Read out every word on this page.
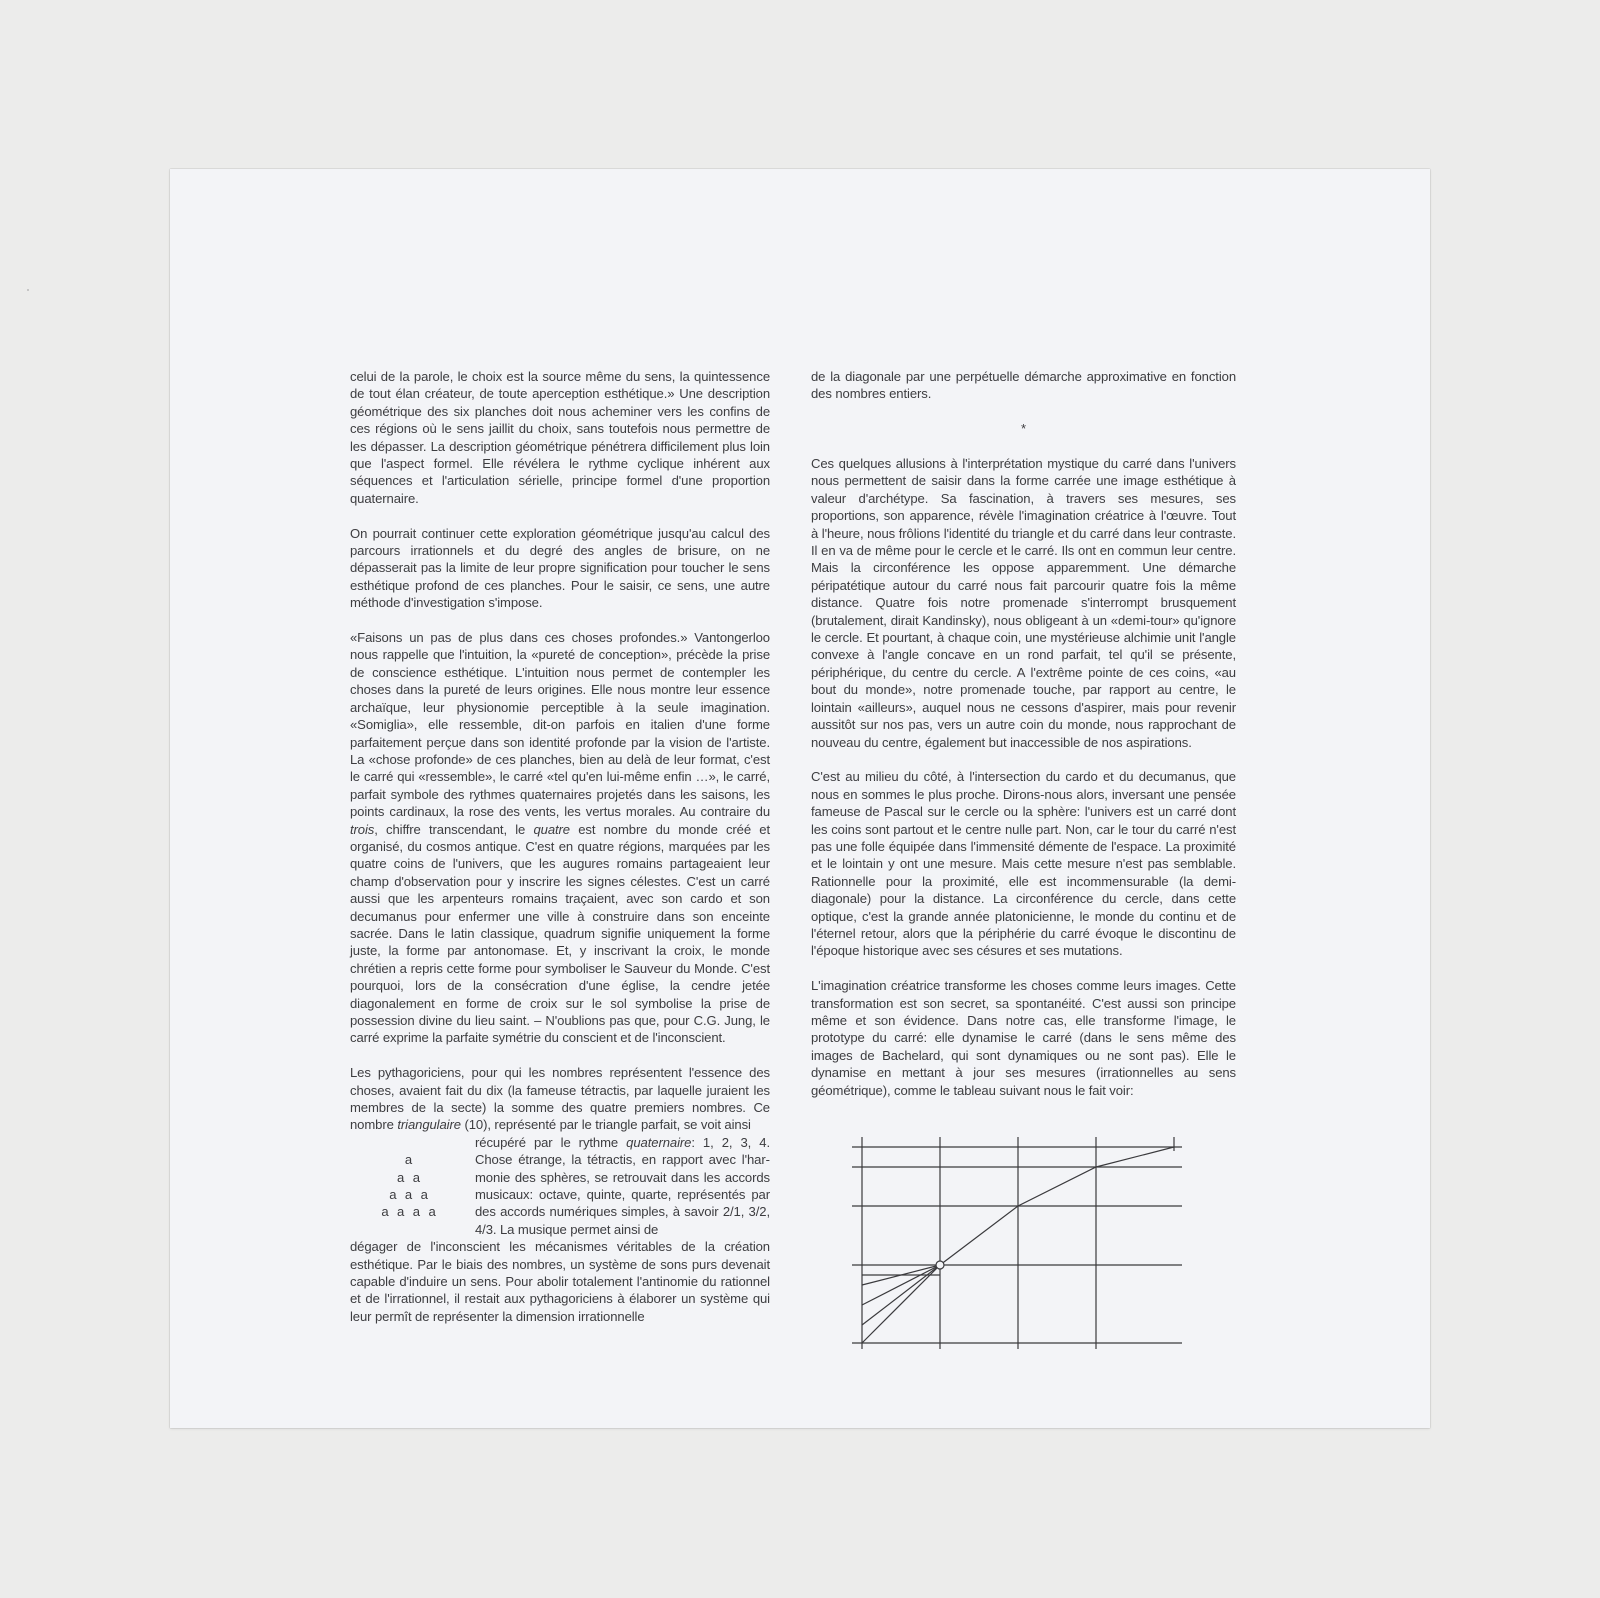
celui de la parole, le choix est la source même du sens, la quintessence de tout élan créateur, de toute aperception esthétique.» Une description géométrique des six planches doit nous acheminer vers les confins de ces régions où le sens jaillit du choix, sans toutefois nous permettre de les dépasser. La description géométrique pénétrera difficilement plus loin que l'aspect formel. Elle révélera le rythme cyclique inhérent aux séquences et l'articulation sérielle, principe formel d'une proportion quaternaire.

On pourrait continuer cette exploration géométrique jusqu'au calcul des parcours irrationnels et du degré des angles de brisure, on ne dépasserait pas la limite de leur propre signification pour toucher le sens esthétique profond de ces planches. Pour le saisir, ce sens, une autre méthode d'investigation s'impose.

«Faisons un pas de plus dans ces choses profondes.» Vantongerloo nous rappelle que l'intuition, la «pureté de conception», précède la prise de conscience esthétique. L'intuition nous permet de contempler les choses dans la pureté de leurs origines. Elle nous montre leur essence archaïque, leur physionomie perceptible à la seule imagination. «Somiglia», elle ressemble, dit-on parfois en italien d'une forme parfaitement perçue dans son identité profonde par la vision de l'artiste. La «chose profonde» de ces planches, bien au delà de leur format, c'est le carré qui «ressemble», le carré «tel qu'en lui-même enfin …», le carré, parfait symbole des rythmes quaternaires projetés dans les saisons, les points cardinaux, la rose des vents, les vertus morales. Au contraire du trois, chiffre transcendant, le quatre est nombre du monde créé et organisé, du cosmos antique. C'est en quatre régions, marquées par les quatre coins de l'univers, que les augures romains partageaient leur champ d'observation pour y inscrire les signes célestes. C'est un carré aussi que les arpenteurs romains traçaient, avec son cardo et son decumanus pour enfermer une ville à construire dans son enceinte sacrée. Dans le latin classique, quadrum signifie uniquement la forme juste, la forme par antonomase. Et, y inscrivant la croix, le monde chrétien a repris cette forme pour symboliser le Sauveur du Monde. C'est pourquoi, lors de la consécration d'une église, la cendre jetée diagonalement en forme de croix sur le sol symbolise la prise de possession divine du lieu saint. – N'oublions pas que, pour C.G. Jung, le carré exprime la parfaite symétrie du conscient et de l'inconscient.

Les pythagoriciens, pour qui les nombres représentent l'essence des choses, avaient fait du dix (la fameuse tétractis, par laquelle juraient les membres de la secte) la somme des quatre premiers nombres. Ce nombre triangulaire (10), représenté par le triangle parfait, se voit ainsi

a
a a
a a a
a a a a

récupéré par le rythme quaternaire: 1, 2, 3, 4. Chose étrange, la tétractis, en rapport avec l'harmonie des sphères, se retrouvait dans les accords musicaux: octave, quinte, quarte, représentés par des accords numériques simples, à savoir 2/1, 3/2, 4/3. La musique permet ainsi de

dégager de l'inconscient les mécanismes véritables de la création esthétique. Par le biais des nombres, un système de sons purs devenait capable d'induire un sens. Pour abolir totalement l'antinomie du rationnel et de l'irrationnel, il restait aux pythagoriciens à élaborer un système qui leur permît de représenter la dimension irrationnelle

de la diagonale par une perpétuelle démarche approximative en fonction des nombres entiers.

*

Ces quelques allusions à l'interprétation mystique du carré dans l'univers nous permettent de saisir dans la forme carrée une image esthétique à valeur d'archétype. Sa fascination, à travers ses mesures, ses proportions, son apparence, révèle l'imagination créatrice à l'œuvre. Tout à l'heure, nous frôlions l'identité du triangle et du carré dans leur contraste. Il en va de même pour le cercle et le carré. Ils ont en commun leur centre. Mais la circonférence les oppose apparemment. Une démarche péripatétique autour du carré nous fait parcourir quatre fois la même distance. Quatre fois notre promenade s'interrompt brusquement (brutalement, dirait Kandinsky), nous obligeant à un «demi-tour» qu'ignore le cercle. Et pourtant, à chaque coin, une mystérieuse alchimie unit l'angle convexe à l'angle concave en un rond parfait, tel qu'il se présente, périphérique, du centre du cercle. A l'extrême pointe de ces coins, «au bout du monde», notre promenade touche, par rapport au centre, le lointain «ailleurs», auquel nous ne cessons d'aspirer, mais pour revenir aussitôt sur nos pas, vers un autre coin du monde, nous rapprochant de nouveau du centre, également but inaccessible de nos aspirations.

C'est au milieu du côté, à l'intersection du cardo et du decumanus, que nous en sommes le plus proche. Dirons-nous alors, inversant une pensée fameuse de Pascal sur le cercle ou la sphère: l'univers est un carré dont les coins sont partout et le centre nulle part. Non, car le tour du carré n'est pas une folle équipée dans l'immensité démente de l'espace. La proximité et le lointain y ont une mesure. Mais cette mesure n'est pas semblable. Rationnelle pour la proximité, elle est incommensurable (la demi-diagonale) pour la distance. La circonférence du cercle, dans cette optique, c'est la grande année platonicienne, le monde du continu et de l'éternel retour, alors que la périphérie du carré évoque le discontinu de l'époque historique avec ses césures et ses mutations.

L'imagination créatrice transforme les choses comme leurs images. Cette transformation est son secret, sa spontanéité. C'est aussi son principe même et son évidence. Dans notre cas, elle transforme l'image, le prototype du carré: elle dynamise le carré (dans le sens même des images de Bachelard, qui sont dynamiques ou ne sont pas). Elle le dynamise en mettant à jour ses mesures (irrationnelles au sens géométrique), comme le tableau suivant nous le fait voir:
